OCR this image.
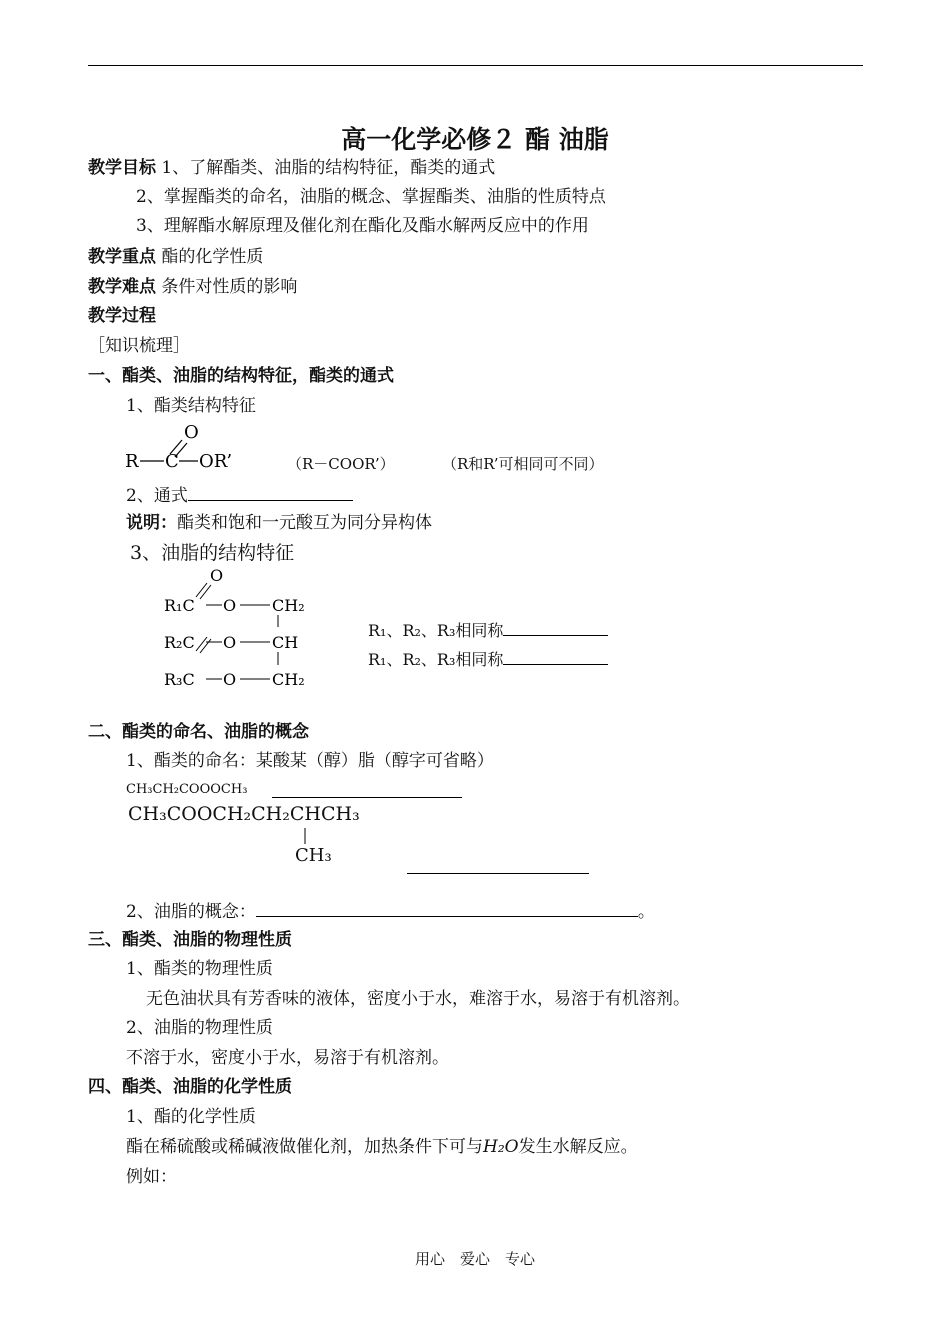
高一化学必修２ 酯 油脂
教学目标 1、了解酯类、油脂的结构特征，酯类的通式
2、掌握酯类的命名，油脂的概念、掌握酯类、油脂的性质特点
3、理解酯水解原理及催化剂在酯化及酯水解两反应中的作用
教学重点 酯的化学性质
教学难点 条件对性质的影响
教学过程
［知识梳理］
一、酯类、油脂的结构特征，酯类的通式
1、酯类结构特征
O
R C OR’	（R－COOR’）	（R和R’可相同可不同）
2、通式
说明：酯类和饱和一元酸互为同分异构体
3、油脂的结构特征
O
R₁C O CH₂
R₂C O CH
R₃C O CH₂
R₁、R₂、R₃相同称
R₁、R₂、R₃相同称
二、酯类的命名、油脂的概念
1、酯类的命名：某酸某（醇）脂（醇字可省略）
CH₃CH₂COOOCH₃
CH₃COOCH₂CH₂CHCH₃
CH₃
2、油脂的概念：	。
三、酯类、油脂的物理性质
1、酯类的物理性质
无色油状具有芳香味的液体，密度小于水，难溶于水，易溶于有机溶剂。
2、油脂的物理性质
不溶于水，密度小于水，易溶于有机溶剂。
四、酯类、油脂的化学性质
1、酯的化学性质
酯在稀硫酸或稀碱液做催化剂，加热条件下可与H₂O发生水解反应。
例如：
用心　爱心　专心
